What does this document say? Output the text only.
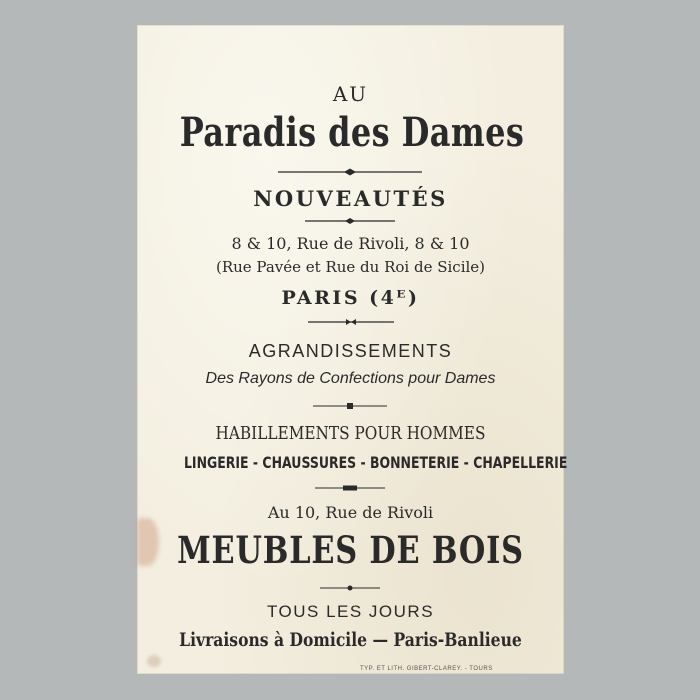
AU
Paradis des Dames
NOUVEAUTÉS
8 & 10, Rue de Rivoli, 8 & 10
(Rue Pavée et Rue du Roi de Sicile)
PARIS (4ᴱ)
AGRANDISSEMENTS
Des Rayons de Confections pour Dames
HABILLEMENTS POUR HOMMES
LINGERIE - CHAUSSURES - BONNETERIE - CHAPELLERIE
Au 10, Rue de Rivoli
MEUBLES DE BOIS
TOUS LES JOURS
Livraisons à Domicile — Paris-Banlieue
TYP. ET LITH. GIBERT-CLAREY. - TOURS
